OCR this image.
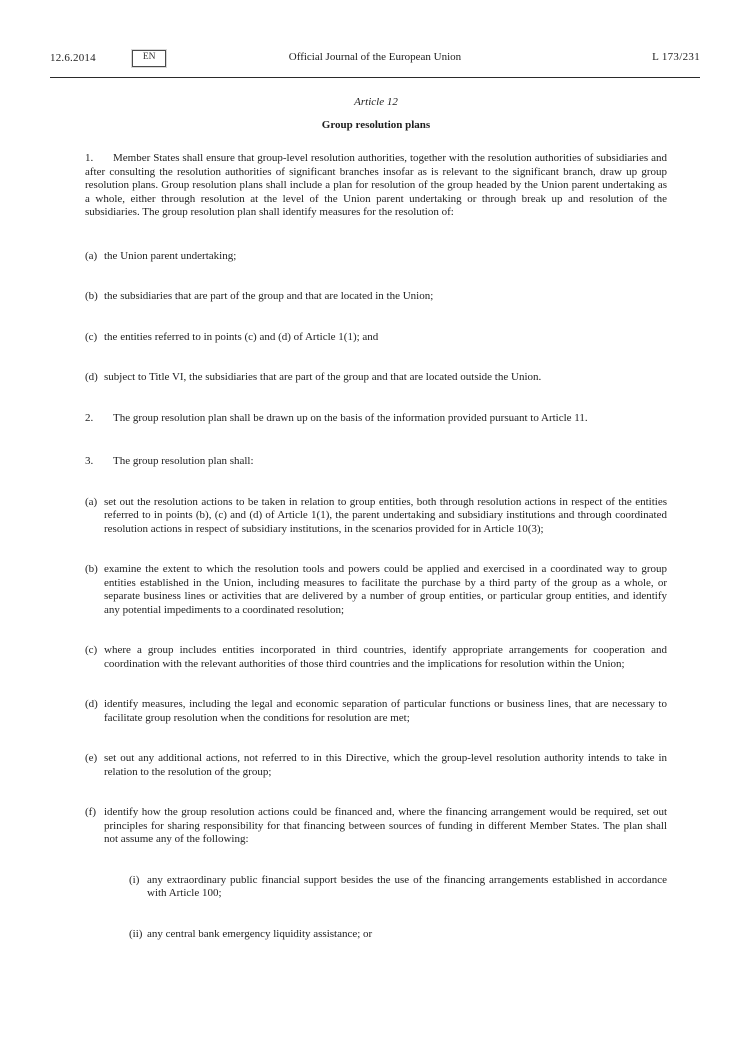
12.6.2014	EN	Official Journal of the European Union	L 173/231
Article 12
Group resolution plans
1. Member States shall ensure that group-level resolution authorities, together with the resolution authorities of subsidiaries and after consulting the resolution authorities of significant branches insofar as is relevant to the significant branch, draw up group resolution plans. Group resolution plans shall include a plan for resolution of the group headed by the Union parent undertaking as a whole, either through resolution at the level of the Union parent undertaking or through break up and resolution of the subsidiaries. The group resolution plan shall identify measures for the resolution of:
(a) the Union parent undertaking;
(b) the subsidiaries that are part of the group and that are located in the Union;
(c) the entities referred to in points (c) and (d) of Article 1(1); and
(d) subject to Title VI, the subsidiaries that are part of the group and that are located outside the Union.
2. The group resolution plan shall be drawn up on the basis of the information provided pursuant to Article 11.
3. The group resolution plan shall:
(a) set out the resolution actions to be taken in relation to group entities, both through resolution actions in respect of the entities referred to in points (b), (c) and (d) of Article 1(1), the parent undertaking and subsidiary institutions and through coordinated resolution actions in respect of subsidiary institutions, in the scenarios provided for in Article 10(3);
(b) examine the extent to which the resolution tools and powers could be applied and exercised in a coordinated way to group entities established in the Union, including measures to facilitate the purchase by a third party of the group as a whole, or separate business lines or activities that are delivered by a number of group entities, or particular group entities, and identify any potential impediments to a coordinated resolution;
(c) where a group includes entities incorporated in third countries, identify appropriate arrangements for cooperation and coordination with the relevant authorities of those third countries and the implications for resolution within the Union;
(d) identify measures, including the legal and economic separation of particular functions or business lines, that are necessary to facilitate group resolution when the conditions for resolution are met;
(e) set out any additional actions, not referred to in this Directive, which the group-level resolution authority intends to take in relation to the resolution of the group;
(f) identify how the group resolution actions could be financed and, where the financing arrangement would be required, set out principles for sharing responsibility for that financing between sources of funding in different Member States. The plan shall not assume any of the following:
(i) any extraordinary public financial support besides the use of the financing arrangements established in accordance with Article 100;
(ii) any central bank emergency liquidity assistance; or
